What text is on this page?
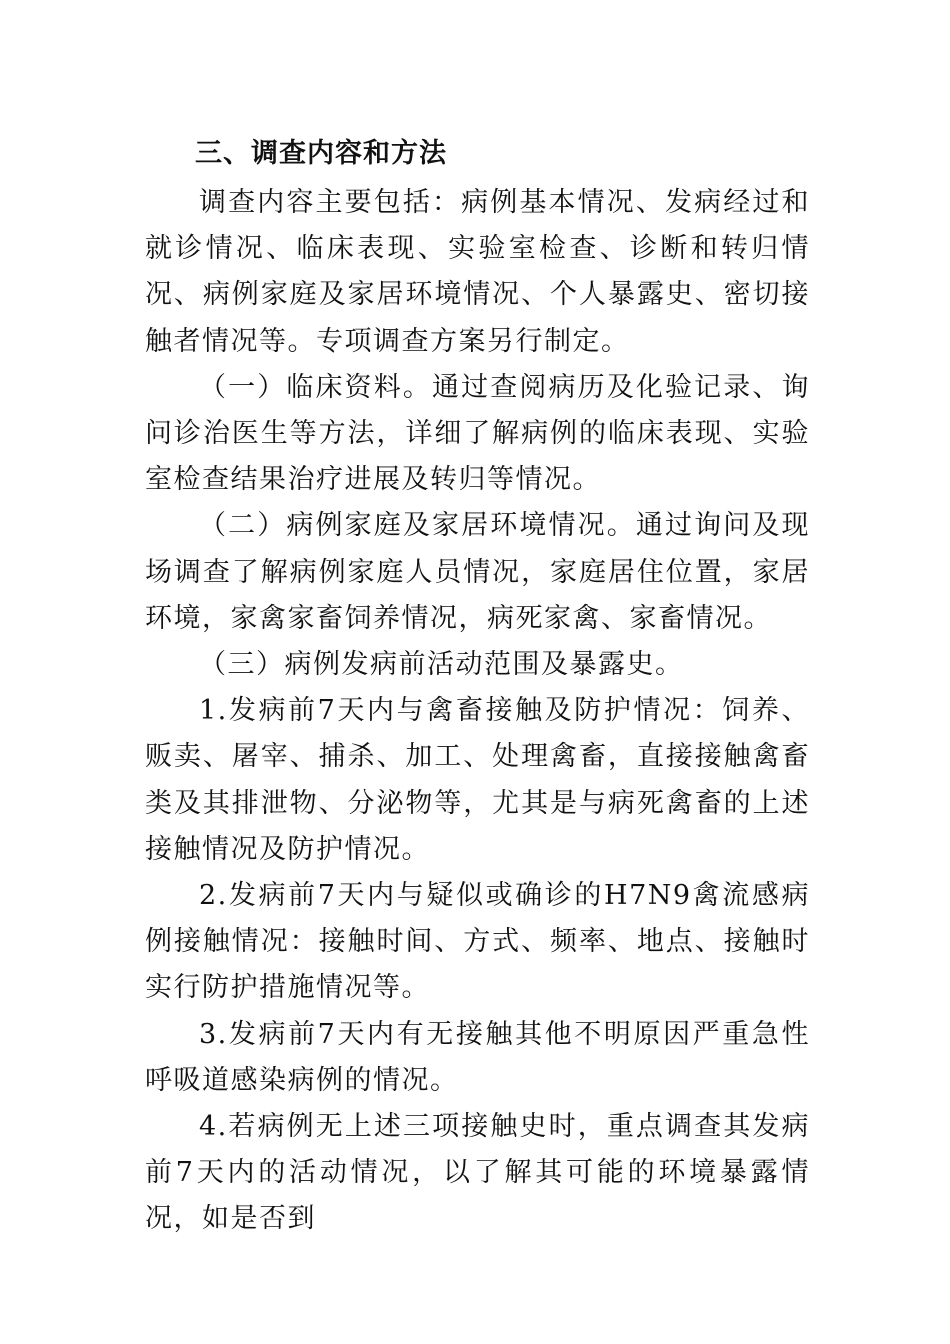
三、调查内容和方法

调查内容主要包括：病例基本情况、发病经过和就诊情况、临床表现、实验室检查、诊断和转归情况、病例家庭及家居环境情况、个人暴露史、密切接触者情况等。专项调查方案另行制定。

（一）临床资料。通过查阅病历及化验记录、询问诊治医生等方法，详细了解病例的临床表现、实验室检查结果治疗进展及转归等情况。

（二）病例家庭及家居环境情况。通过询问及现场调查了解病例家庭人员情况，家庭居住位置，家居环境，家禽家畜饲养情况，病死家禽、家畜情况。

（三）病例发病前活动范围及暴露史。

1.发病前7天内与禽畜接触及防护情况：饲养、贩卖、屠宰、捕杀、加工、处理禽畜，直接接触禽畜类及其排泄物、分泌物等，尤其是与病死禽畜的上述接触情况及防护情况。

2.发病前7天内与疑似或确诊的H7N9禽流感病例接触情况：接触时间、方式、频率、地点、接触时实行防护措施情况等。

3.发病前7天内有无接触其他不明原因严重急性呼吸道感染病例的情况。

4.若病例无上述三项接触史时，重点调查其发病前7天内的活动情况，以了解其可能的环境暴露情况，如是否到
